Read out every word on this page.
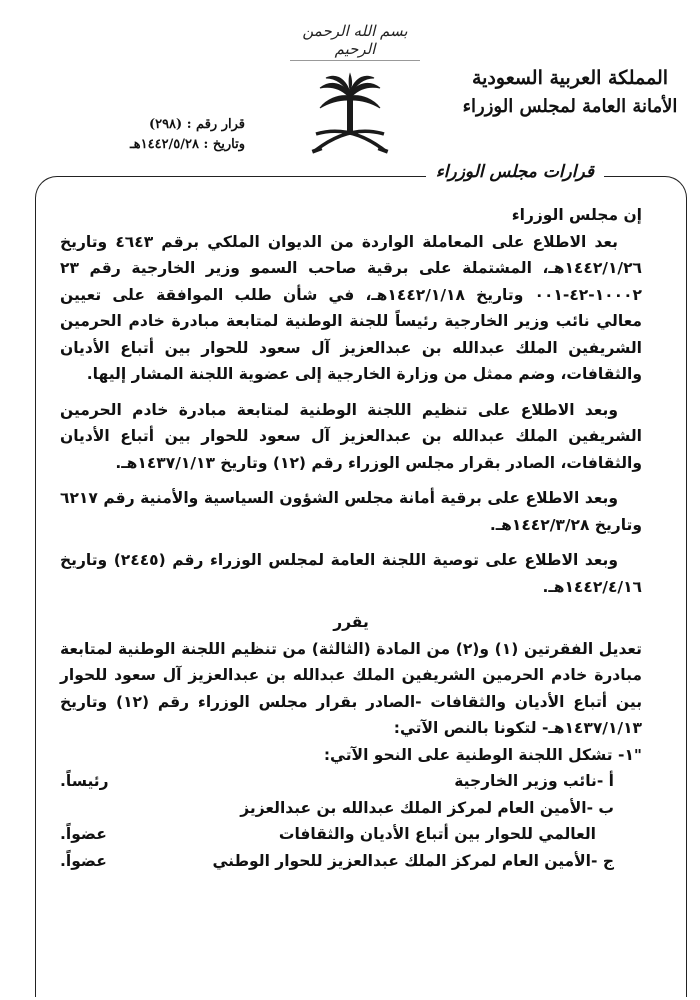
بسم الله الرحمن الرحيم
المملكة العربية السعودية
الأمانة العامة لمجلس الوزراء
قرار رقم : (٢٩٨)
وتاريخ : ١٤٤٢/٥/٢٨هـ
قرارات مجلس الوزراء

إن مجلس الوزراء

بعد الاطلاع على المعاملة الواردة من الديوان الملكي برقم ٤٦٤٣ وتاريخ ١٤٤٢/١/٢٦هـ، المشتملة على برقية صاحب السمو وزير الخارجية رقم ٢٣ ١٠٠٠٢-٤٢-٠٠١ وتاريخ ١٤٤٢/١/١٨هـ، في شأن طلب الموافقة على تعيين معالي نائب وزير الخارجية رئيساً للجنة الوطنية لمتابعة مبادرة خادم الحرمين الشريفين الملك عبدالله بن عبدالعزيز آل سعود للحوار بين أتباع الأديان والثقافات، وضم ممثل من وزارة الخارجية إلى عضوية اللجنة المشار إليها.

وبعد الاطلاع على تنظيم اللجنة الوطنية لمتابعة مبادرة خادم الحرمين الشريفين الملك عبدالله بن عبدالعزيز آل سعود للحوار بين أتباع الأديان والثقافات، الصادر بقرار مجلس الوزراء رقم (١٢) وتاريخ ١٤٣٧/١/١٣هـ.

وبعد الاطلاع على برقية أمانة مجلس الشؤون السياسية والأمنية رقم ٦٢١٧ وتاريخ ١٤٤٢/٣/٢٨هـ.

وبعد الاطلاع على توصية اللجنة العامة لمجلس الوزراء رقم (٢٤٤٥) وتاريخ ١٤٤٢/٤/١٦هـ.

يقرر

تعديل الفقرتين (١) و(٢) من المادة (الثالثة) من تنظيم اللجنة الوطنية لمتابعة مبادرة خادم الحرمين الشريفين الملك عبدالله بن عبدالعزيز آل سعود للحوار بين أتباع الأديان والثقافات -الصادر بقرار مجلس الوزراء رقم (١٢) وتاريخ ١٤٣٧/١/١٣هـ- لتكونا بالنص الآتي:

"١- تشكل اللجنة الوطنية على النحو الآتي:

أ -نائب وزير الخارجية
رئيساً.
ب -الأمين العام لمركز الملك عبدالله بن عبدالعزيز
العالمي للحوار بين أتباع الأديان والثقافات
عضواً.
ج -الأمين العام لمركز الملك عبدالعزيز للحوار الوطني
عضواً.
